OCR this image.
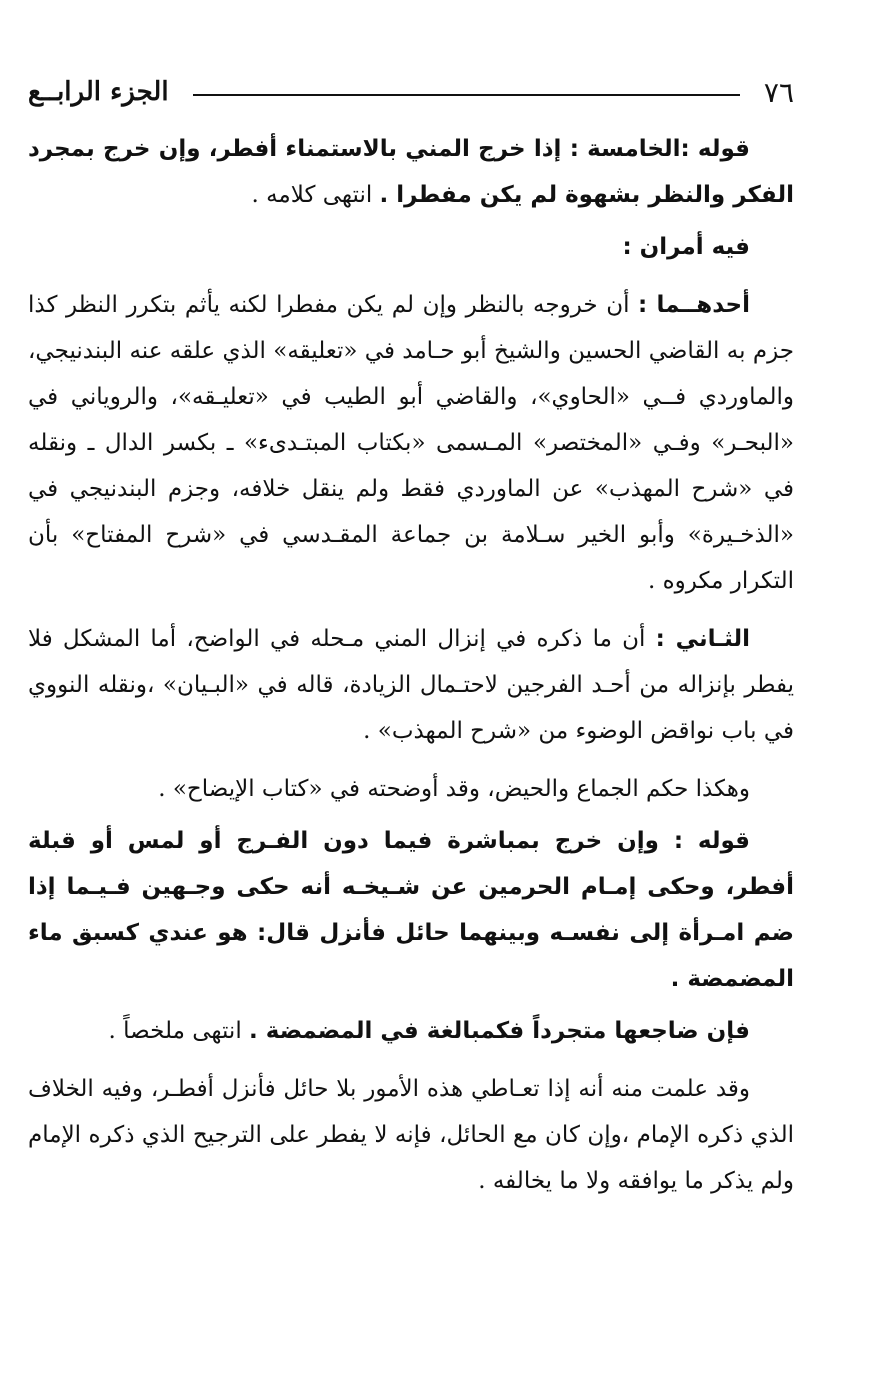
٧٦
الجزء الرابــع

قوله :الخامسة : إذا خرج المني بالاستمناء أفطر، وإن خرج بمجرد الفكر والنظر بشهوة لم يكن مفطرا . انتهى كلامه .

فيه أمران :

أحدهــما : أن خروجه بالنظر وإن لم يكن مفطرا لكنه يأثم بتكرر النظر كذا جزم به القاضي الحسين والشيخ أبو حـامد في «تعليقه» الذي علقه عنه البندنيجي، والماوردي فــي «الحاوي»، والقاضي أبو الطيب في «تعليـقه»، والروياني في «البحـر» وفـي «المختصر» المـسمى «بكتاب المبتـدىء» ـ بكسر الدال ـ ونقله في «شرح المهذب» عن الماوردي فقط ولم ينقل خلافه، وجزم البندنيجي في «الذخـيرة» وأبو الخير سـلامة بن جماعة المقـدسي في «شرح المفتاح» بأن التكرار مكروه .

الثـاني : أن ما ذكره في إنزال المني مـحله في الواضح، أما المشكل فلا يفطر بإنزاله من أحـد الفرجين لاحتـمال الزيادة، قاله في «البـيان» ،ونقله النووي في باب نواقض الوضوء من «شرح المهذب» .

وهكذا حكم الجماع والحيض، وقد أوضحته في «كتاب الإيضاح» .

قوله : وإن خرج بمباشرة فيما دون الفـرج أو لمس أو قبلة أفطر، وحكى إمـام الحرمين عن شـيخـه أنه حكى وجـهين فـيـما إذا ضم امـرأة إلى نفسـه وبينهما حائل فأنزل قال: هو عندي كسبق ماء المضمضة .

فإن ضاجعها متجرداً فكمبالغة في المضمضة . انتهى ملخصاً .

وقد علمت منه أنه إذا تعـاطي هذه الأمور بلا حائل فأنزل أفطـر، وفيه الخلاف الذي ذكره الإمام ،وإن كان مع الحائل، فإنه لا يفطر على الترجيح الذي ذكره الإمام ولم يذكر ما يوافقه ولا ما يخالفه .
